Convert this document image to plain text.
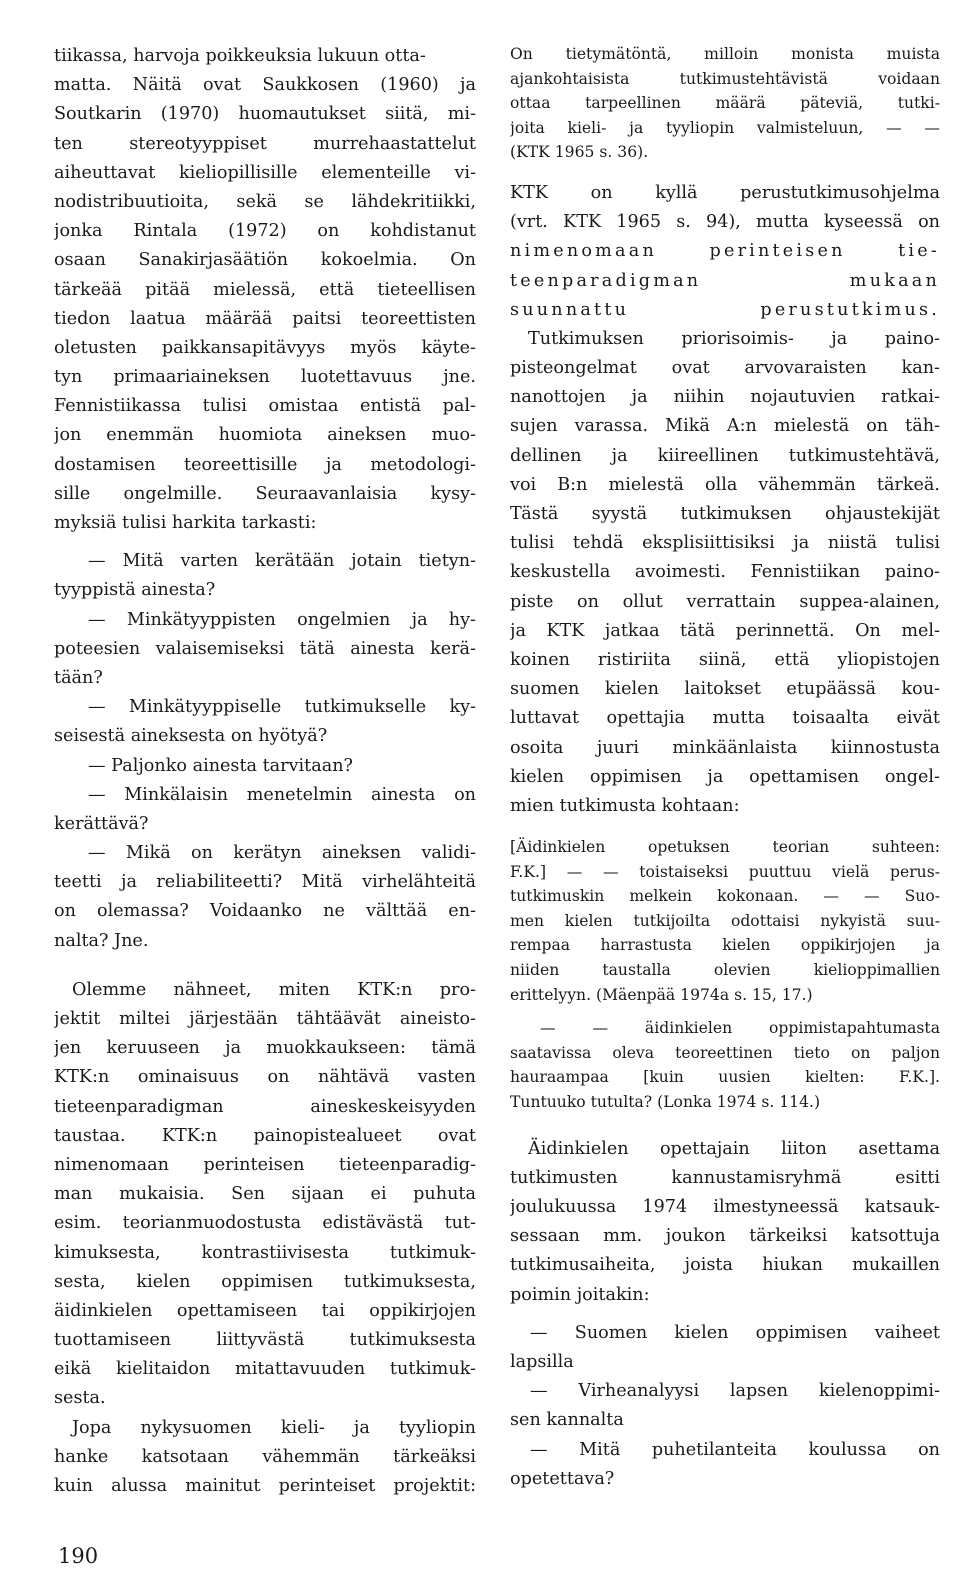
tiikassa, harvoja poikkeuksia lukuun otta-
matta. Näitä ovat Saukkosen (1960) ja
Soutkarin (1970) huomautukset siitä, mi-
ten stereotyyppiset murrehaastattelut
aiheuttavat kieliopillisille elementeille vi-
nodistribuutioita, sekä se lähdekritiikki,
jonka Rintala (1972) on kohdistanut
osaan Sanakirjasäätiön kokoelmia. On
tärkeää pitää mielessä, että tieteellisen
tiedon laatua määrää paitsi teoreettisten
oletusten paikkansapitävyys myös käyte-
tyn primaariaineksen luotettavuus jne.
Fennistiikassa tulisi omistaa entistä pal-
jon enemmän huomiota aineksen muo-
dostamisen teoreettisille ja metodologi-
sille ongelmille. Seuraavanlaisia kysy-
myksiä tulisi harkita tarkasti:
— Mitä varten kerätään jotain tietyn-
tyyppistä ainesta?
— Minkätyyppisten ongelmien ja hy-
poteesien valaisemiseksi tätä ainesta kerä-
tään?
— Minkätyyppiselle tutkimukselle ky-
seisestä aineksesta on hyötyä?
— Paljonko ainesta tarvitaan?
— Minkälaisin menetelmin ainesta on
kerättävä?
— Mikä on kerätyn aineksen validi-
teetti ja reliabiliteetti? Mitä virhelähteitä
on olemassa? Voidaanko ne välttää en-
nalta? Jne.
Olemme nähneet, miten KTK:n pro-
jektit miltei järjestään tähtäävät aineisto-
jen keruuseen ja muokkaukseen: tämä
KTK:n ominaisuus on nähtävä vasten
tieteenparadigman aineskeskeisyyden
taustaa. KTK:n painopistealueet ovat
nimenomaan perinteisen tieteenparadig-
man mukaisia. Sen sijaan ei puhuta
esim. teorianmuodostusta edistävästä tut-
kimuksesta, kontrastiivisesta tutkimuk-
sesta, kielen oppimisen tutkimuksesta,
äidinkielen opettamiseen tai oppikirjojen
tuottamiseen liittyvästä tutkimuksesta
eikä kielitaidon mitattavuuden tutkimuk-
sesta.
Jopa nykysuomen kieli- ja tyyliopin
hanke katsotaan vähemmän tärkeäksi
kuin alussa mainitut perinteiset projektit:
On tietymätöntä, milloin monista muista
ajankohtaisista tutkimustehtävistä voidaan
ottaa tarpeellinen määrä päteviä, tutki-
joita kieli- ja tyyliopin valmisteluun, — —
(KTK 1965 s. 36).
KTK on kyllä perustutkimusohjelma
(vrt. KTK 1965 s. 94), mutta kyseessä on
nimenomaan perinteisen tie-
teenparadigman mukaan
suunnattu perustutkimus.
Tutkimuksen priorisoimis- ja paino-
pisteongelmat ovat arvovaraisten kan-
nanottojen ja niihin nojautuvien ratkai-
sujen varassa. Mikä A:n mielestä on täh-
dellinen ja kiireellinen tutkimustehtävä,
voi B:n mielestä olla vähemmän tärkeä.
Tästä syystä tutkimuksen ohjaustekijät
tulisi tehdä eksplisiittisiksi ja niistä tulisi
keskustella avoimesti. Fennistiikan paino-
piste on ollut verrattain suppea-alainen,
ja KTK jatkaa tätä perinnettä. On mel-
koinen ristiriita siinä, että yliopistojen
suomen kielen laitokset etupäässä kou-
luttavat opettajia mutta toisaalta eivät
osoita juuri minkäänlaista kiinnostusta
kielen oppimisen ja opettamisen ongel-
mien tutkimusta kohtaan:
[Äidinkielen opetuksen teorian suhteen:
F.K.] — — toistaiseksi puuttuu vielä perus-
tutkimuskin melkein kokonaan. — — Suo-
men kielen tutkijoilta odottaisi nykyistä suu-
rempaa harrastusta kielen oppikirjojen ja
niiden taustalla olevien kielioppimallien
erittelyyn. (Mäenpää 1974a s. 15, 17.)
— — äidinkielen oppimistapahtumasta
saatavissa oleva teoreettinen tieto on paljon
hauraampaa [kuin uusien kielten: F.K.].
Tuntuuko tutulta? (Lonka 1974 s. 114.)
Äidinkielen opettajain liiton asettama
tutkimusten kannustamisryhmä esitti
joulukuussa 1974 ilmestyneessä katsauk-
sessaan mm. joukon tärkeiksi katsottuja
tutkimusaiheita, joista hiukan mukaillen
poimin joitakin:
— Suomen kielen oppimisen vaiheet
lapsilla
— Virheanalyysi lapsen kielenoppimi-
sen kannalta
— Mitä puhetilanteita koulussa on
opetettava?
190
